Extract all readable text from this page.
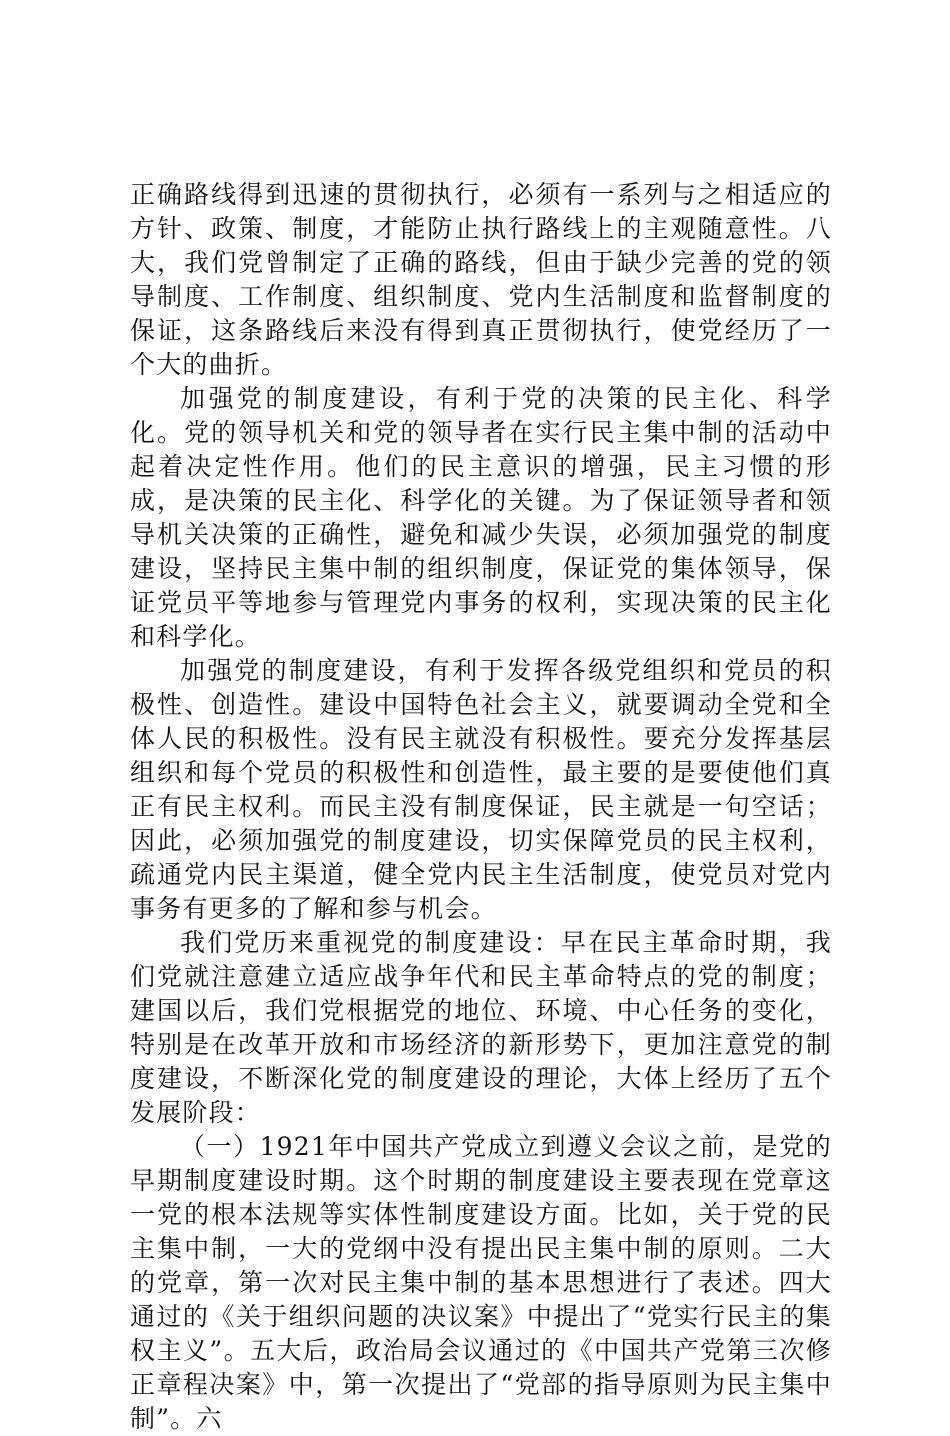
正确路线得到迅速的贯彻执行，必须有一系列与之相适应的方针、政策、制度，才能防止执行路线上的主观随意性。八大，我们党曾制定了正确的路线，但由于缺少完善的党的领导制度、工作制度、组织制度、党内生活制度和监督制度的保证，这条路线后来没有得到真正贯彻执行，使党经历了一个大的曲折。

加强党的制度建设，有利于党的决策的民主化、科学化。党的领导机关和党的领导者在实行民主集中制的活动中起着决定性作用。他们的民主意识的增强，民主习惯的形成，是决策的民主化、科学化的关键。为了保证领导者和领导机关决策的正确性，避免和减少失误，必须加强党的制度建设，坚持民主集中制的组织制度，保证党的集体领导，保证党员平等地参与管理党内事务的权利，实现决策的民主化和科学化。

加强党的制度建设，有利于发挥各级党组织和党员的积极性、创造性。建设中国特色社会主义，就要调动全党和全体人民的积极性。没有民主就没有积极性。要充分发挥基层组织和每个党员的积极性和创造性，最主要的是要使他们真正有民主权利。而民主没有制度保证，民主就是一句空话；因此，必须加强党的制度建设，切实保障党员的民主权利，疏通党内民主渠道，健全党内民主生活制度，使党员对党内事务有更多的了解和参与机会。

我们党历来重视党的制度建设：早在民主革命时期，我们党就注意建立适应战争年代和民主革命特点的党的制度；建国以后，我们党根据党的地位、环境、中心任务的变化，特别是在改革开放和市场经济的新形势下，更加注意党的制度建设，不断深化党的制度建设的理论，大体上经历了五个发展阶段：

（一）1921年中国共产党成立到遵义会议之前，是党的早期制度建设时期。这个时期的制度建设主要表现在党章这一党的根本法规等实体性制度建设方面。比如，关于党的民主集中制，一大的党纲中没有提出民主集中制的原则。二大的党章，第一次对民主集中制的基本思想进行了表述。四大通过的《关于组织问题的决议案》中提出了“党实行民主的集权主义”。五大后，政治局会议通过的《中国共产党第三次修正章程决案》中，第一次提出了“党部的指导原则为民主集中制”。六
